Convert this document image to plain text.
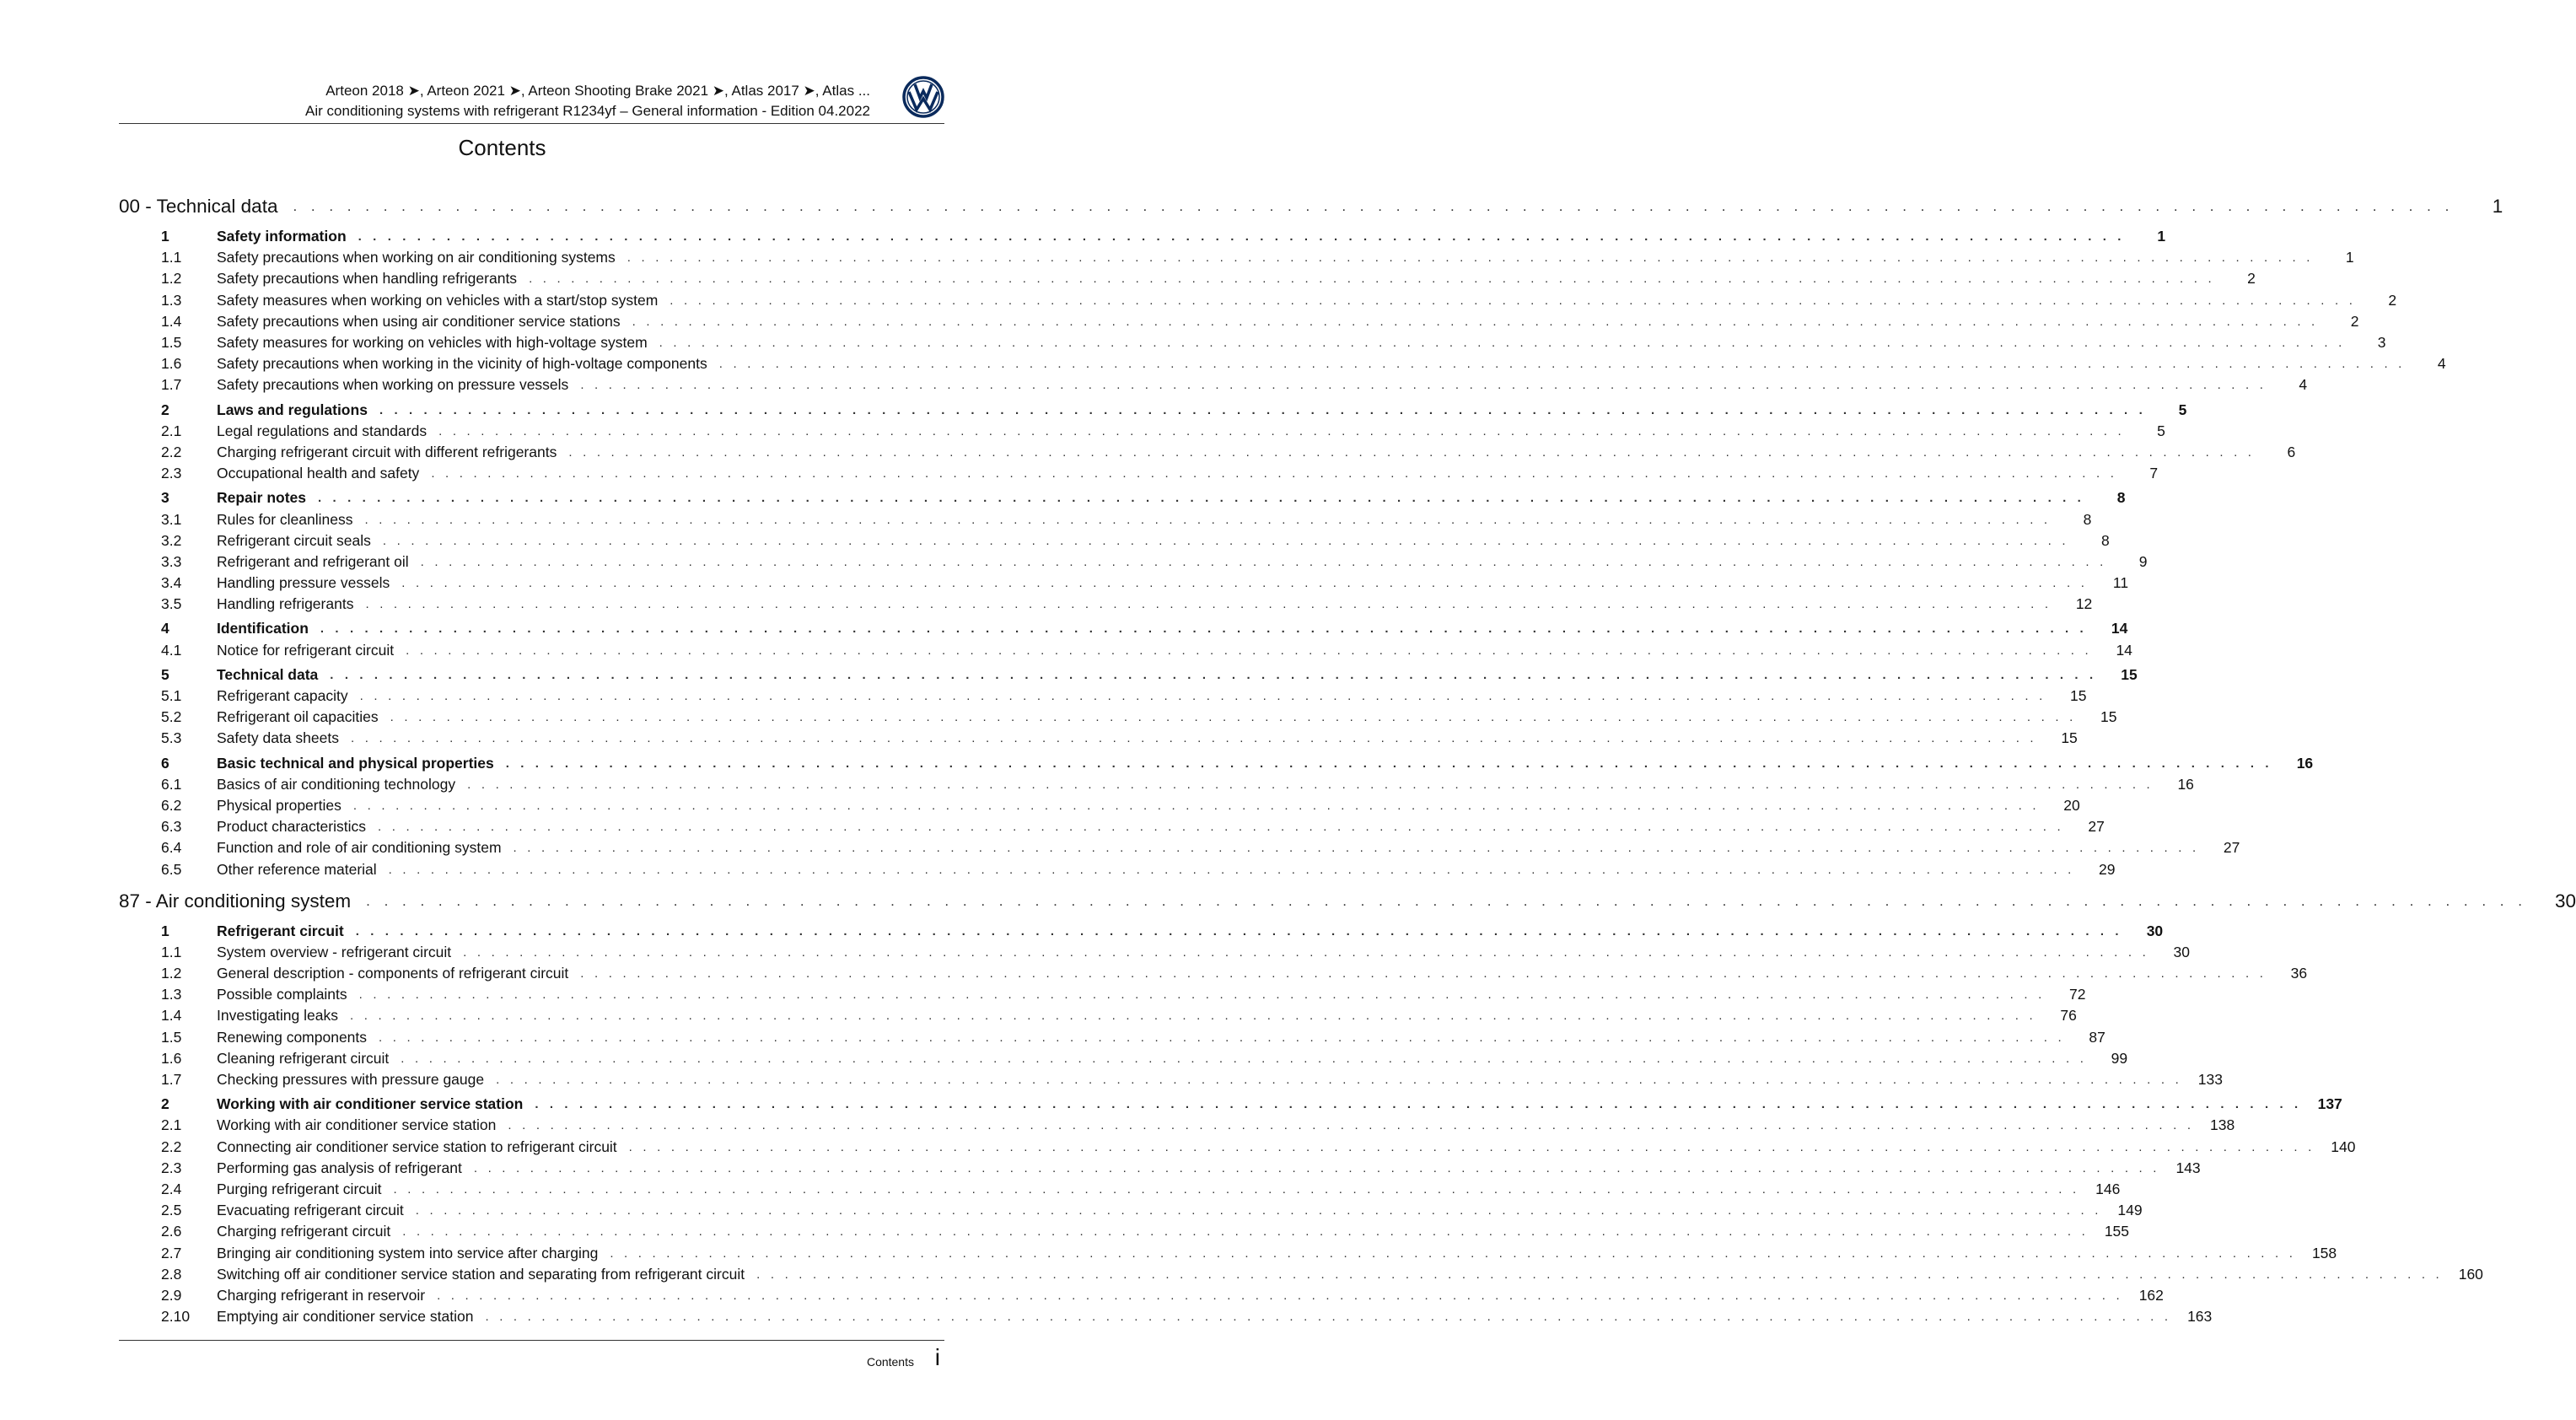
Arteon 2018 ➤, Arteon 2021 ➤, Arteon Shooting Brake 2021 ➤, Atlas 2017 ➤, Atlas ...
Air conditioning systems with refrigerant R1234yf – General information - Edition 04.2022
Contents
00 - Technical data . . . . . . . . . . . . . . . . . . . . . . . . . . . . . . . . . . . . . . . . . . . . . . . . . . . . . . . . . . . . . . . . . . . . . . . . . . . . . . . . . . . . . . . . . . . . . . . . . . . . . . . . . . . . . . . . . . . . . . . .	1
1	Safety information . . . . . . . . . . . . . . . . . . . . . . . . . . . . . . . . . . . . . . . . . . . . . . . . . . . . . . . . . . . . . . . . . . . . . . . . . . . . . . . . . . . . . . . . . . . . . . . . . . . . . . . . . . . . . . . . . . . . . . . .	1
1.1	Safety precautions when working on air conditioning systems . . . . . . . . . . . . . . . . . . . . . . . . . . . . . . . . . . . . . . . . . . . . . . . . . . . . . . . . . . . . . . . . . . . . . . . . . . . . . . . . . . . . . . . . . . . . . . . . . . . . . . . . . . . . . . . . . . . . . . . .	1
1.2	Safety precautions when handling refrigerants . . . . . . . . . . . . . . . . . . . . . . . . . . . . . . . . . . . . . . . . . . . . . . . . . . . . . . . . . . . . . . . . . . . . . . . . . . . . . . . . . . . . . . . . . . . . . . . . . . . . . . . . . . . . . . . . . . . . . . . .	2
1.3	Safety measures when working on vehicles with a start/stop system . . . . . . . . . . . . . . . . . . . . . . . . . . . . . . . . . . . . . . . . . . . . . . . . . . . . . . . . . . . . . . . . . . . . . . . . . . . . . . . . . . . . . . . . . . . . . . . . . . . . . . . . . . . . . . . . . . . . . . . .	2
1.4	Safety precautions when using air conditioner service stations . . . . . . . . . . . . . . . . . . . . . . . . . . . . . . . . . . . . . . . . . . . . . . . . . . . . . . . . . . . . . . . . . . . . . . . . . . . . . . . . . . . . . . . . . . . . . . . . . . . . . . . . . . . . . . . . . . . . . . . .	2
1.5	Safety measures for working on vehicles with high-voltage system . . . . . . . . . . . . . . . . . . . . . . . . . . . . . . . . . . . . . . . . . . . . . . . . . . . . . . . . . . . . . . . . . . . . . . . . . . . . . . . . . . . . . . . . . . . . . . . . . . . . . . . . . . . . . . . . . . . . . . . .	3
1.6	Safety precautions when working in the vicinity of high-voltage components . . . . . . . . . . . . . . . . . . . . . . . . . . . . . . . . . . . . . . . . . . . . . . . . . . . . . . . . . . . . . . . . . . . . . . . . . . . . . . . . . . . . . . . . . . . . . . . . . . . . . . . . . . . . . . . . . . . . . . . .	4
1.7	Safety precautions when working on pressure vessels . . . . . . . . . . . . . . . . . . . . . . . . . . . . . . . . . . . . . . . . . . . . . . . . . . . . . . . . . . . . . . . . . . . . . . . . . . . . . . . . . . . . . . . . . . . . . . . . . . . . . . . . . . . . . . . . . . . . . . . .	4
2	Laws and regulations . . . . . . . . . . . . . . . . . . . . . . . . . . . . . . . . . . . . . . . . . . . . . . . . . . . . . . . . . . . . . . . . . . . . . . . . . . . . . . . . . . . . . . . . . . . . . . . . . . . . . . . . . . . . . . . . . . . . . . . .	5
2.1	Legal regulations and standards . . . . . . . . . . . . . . . . . . . . . . . . . . . . . . . . . . . . . . . . . . . . . . . . . . . . . . . . . . . . . . . . . . . . . . . . . . . . . . . . . . . . . . . . . . . . . . . . . . . . . . . . . . . . . . . . . . . . . . . .	5
2.2	Charging refrigerant circuit with different refrigerants . . . . . . . . . . . . . . . . . . . . . . . . . . . . . . . . . . . . . . . . . . . . . . . . . . . . . . . . . . . . . . . . . . . . . . . . . . . . . . . . . . . . . . . . . . . . . . . . . . . . . . . . . . . . . . . . . . . . . . . .	6
2.3	Occupational health and safety . . . . . . . . . . . . . . . . . . . . . . . . . . . . . . . . . . . . . . . . . . . . . . . . . . . . . . . . . . . . . . . . . . . . . . . . . . . . . . . . . . . . . . . . . . . . . . . . . . . . . . . . . . . . . . . . . . . . . . . .	7
3	Repair notes . . . . . . . . . . . . . . . . . . . . . . . . . . . . . . . . . . . . . . . . . . . . . . . . . . . . . . . . . . . . . . . . . . . . . . . . . . . . . . . . . . . . . . . . . . . . . . . . . . . . . . . . . . . . . . . . . . . . . . . .	8
3.1	Rules for cleanliness . . . . . . . . . . . . . . . . . . . . . . . . . . . . . . . . . . . . . . . . . . . . . . . . . . . . . . . . . . . . . . . . . . . . . . . . . . . . . . . . . . . . . . . . . . . . . . . . . . . . . . . . . . . . . . . . . . . . . . . .	8
3.2	Refrigerant circuit seals . . . . . . . . . . . . . . . . . . . . . . . . . . . . . . . . . . . . . . . . . . . . . . . . . . . . . . . . . . . . . . . . . . . . . . . . . . . . . . . . . . . . . . . . . . . . . . . . . . . . . . . . . . . . . . . . . . . . . . . .	8
3.3	Refrigerant and refrigerant oil . . . . . . . . . . . . . . . . . . . . . . . . . . . . . . . . . . . . . . . . . . . . . . . . . . . . . . . . . . . . . . . . . . . . . . . . . . . . . . . . . . . . . . . . . . . . . . . . . . . . . . . . . . . . . . . . . . . . . . . .	9
3.4	Handling pressure vessels . . . . . . . . . . . . . . . . . . . . . . . . . . . . . . . . . . . . . . . . . . . . . . . . . . . . . . . . . . . . . . . . . . . . . . . . . . . . . . . . . . . . . . . . . . . . . . . . . . . . . . . . . . . . . . . . . . . . . . . .	11
3.5	Handling refrigerants . . . . . . . . . . . . . . . . . . . . . . . . . . . . . . . . . . . . . . . . . . . . . . . . . . . . . . . . . . . . . . . . . . . . . . . . . . . . . . . . . . . . . . . . . . . . . . . . . . . . . . . . . . . . . . . . . . . . . . . .	12
4	Identification . . . . . . . . . . . . . . . . . . . . . . . . . . . . . . . . . . . . . . . . . . . . . . . . . . . . . . . . . . . . . . . . . . . . . . . . . . . . . . . . . . . . . . . . . . . . . . . . . . . . . . . . . . . . . . . . . . . . . . . .	14
4.1	Notice for refrigerant circuit . . . . . . . . . . . . . . . . . . . . . . . . . . . . . . . . . . . . . . . . . . . . . . . . . . . . . . . . . . . . . . . . . . . . . . . . . . . . . . . . . . . . . . . . . . . . . . . . . . . . . . . . . . . . . . . . . . . . . . . .	14
5	Technical data . . . . . . . . . . . . . . . . . . . . . . . . . . . . . . . . . . . . . . . . . . . . . . . . . . . . . . . . . . . . . . . . . . . . . . . . . . . . . . . . . . . . . . . . . . . . . . . . . . . . . . . . . . . . . . . . . . . . . . . .	15
5.1	Refrigerant capacity . . . . . . . . . . . . . . . . . . . . . . . . . . . . . . . . . . . . . . . . . . . . . . . . . . . . . . . . . . . . . . . . . . . . . . . . . . . . . . . . . . . . . . . . . . . . . . . . . . . . . . . . . . . . . . . . . . . . . . . .	15
5.2	Refrigerant oil capacities . . . . . . . . . . . . . . . . . . . . . . . . . . . . . . . . . . . . . . . . . . . . . . . . . . . . . . . . . . . . . . . . . . . . . . . . . . . . . . . . . . . . . . . . . . . . . . . . . . . . . . . . . . . . . . . . . . . . . . . .	15
5.3	Safety data sheets . . . . . . . . . . . . . . . . . . . . . . . . . . . . . . . . . . . . . . . . . . . . . . . . . . . . . . . . . . . . . . . . . . . . . . . . . . . . . . . . . . . . . . . . . . . . . . . . . . . . . . . . . . . . . . . . . . . . . . . .	15
6	Basic technical and physical properties . . . . . . . . . . . . . . . . . . . . . . . . . . . . . . . . . . . . . . . . . . . . . . . . . . . . . . . . . . . . . . . . . . . . . . . . . . . . . . . . . . . . . . . . . . . . . . . . . . . . . . . . . . . . . . . . . . . . . . . .	16
6.1	Basics of air conditioning technology . . . . . . . . . . . . . . . . . . . . . . . . . . . . . . . . . . . . . . . . . . . . . . . . . . . . . . . . . . . . . . . . . . . . . . . . . . . . . . . . . . . . . . . . . . . . . . . . . . . . . . . . . . . . . . . . . . . . . . . .	16
6.2	Physical properties . . . . . . . . . . . . . . . . . . . . . . . . . . . . . . . . . . . . . . . . . . . . . . . . . . . . . . . . . . . . . . . . . . . . . . . . . . . . . . . . . . . . . . . . . . . . . . . . . . . . . . . . . . . . . . . . . . . . . . . .	20
6.3	Product characteristics . . . . . . . . . . . . . . . . . . . . . . . . . . . . . . . . . . . . . . . . . . . . . . . . . . . . . . . . . . . . . . . . . . . . . . . . . . . . . . . . . . . . . . . . . . . . . . . . . . . . . . . . . . . . . . . . . . . . . . . .	27
6.4	Function and role of air conditioning system . . . . . . . . . . . . . . . . . . . . . . . . . . . . . . . . . . . . . . . . . . . . . . . . . . . . . . . . . . . . . . . . . . . . . . . . . . . . . . . . . . . . . . . . . . . . . . . . . . . . . . . . . . . . . . . . . . . . . . . .	27
6.5	Other reference material . . . . . . . . . . . . . . . . . . . . . . . . . . . . . . . . . . . . . . . . . . . . . . . . . . . . . . . . . . . . . . . . . . . . . . . . . . . . . . . . . . . . . . . . . . . . . . . . . . . . . . . . . . . . . . . . . . . . . . . .	29
87 - Air conditioning system . . . . . . . . . . . . . . . . . . . . . . . . . . . . . . . . . . . . . . . . . . . . . . . . . . . . . . . . . . . . . . . . . . . . . . . . . . . . . . . . . . . . . . . . . . . . . . . . . . . . . . . . . . . . . . . . . . . . . . . .	30
1	Refrigerant circuit . . . . . . . . . . . . . . . . . . . . . . . . . . . . . . . . . . . . . . . . . . . . . . . . . . . . . . . . . . . . . . . . . . . . . . . . . . . . . . . . . . . . . . . . . . . . . . . . . . . . . . . . . . . . . . . . . . . . . . . .	30
1.1	System overview - refrigerant circuit . . . . . . . . . . . . . . . . . . . . . . . . . . . . . . . . . . . . . . . . . . . . . . . . . . . . . . . . . . . . . . . . . . . . . . . . . . . . . . . . . . . . . . . . . . . . . . . . . . . . . . . . . . . . . . . . . . . . . . . .	30
1.2	General description - components of refrigerant circuit . . . . . . . . . . . . . . . . . . . . . . . . . . . . . . . . . . . . . . . . . . . . . . . . . . . . . . . . . . . . . . . . . . . . . . . . . . . . . . . . . . . . . . . . . . . . . . . . . . . . . . . . . . . . . . . . . . . . . . . .	36
1.3	Possible complaints . . . . . . . . . . . . . . . . . . . . . . . . . . . . . . . . . . . . . . . . . . . . . . . . . . . . . . . . . . . . . . . . . . . . . . . . . . . . . . . . . . . . . . . . . . . . . . . . . . . . . . . . . . . . . . . . . . . . . . . .	72
1.4	Investigating leaks . . . . . . . . . . . . . . . . . . . . . . . . . . . . . . . . . . . . . . . . . . . . . . . . . . . . . . . . . . . . . . . . . . . . . . . . . . . . . . . . . . . . . . . . . . . . . . . . . . . . . . . . . . . . . . . . . . . . . . . .	76
1.5	Renewing components . . . . . . . . . . . . . . . . . . . . . . . . . . . . . . . . . . . . . . . . . . . . . . . . . . . . . . . . . . . . . . . . . . . . . . . . . . . . . . . . . . . . . . . . . . . . . . . . . . . . . . . . . . . . . . . . . . . . . . . .	87
1.6	Cleaning refrigerant circuit . . . . . . . . . . . . . . . . . . . . . . . . . . . . . . . . . . . . . . . . . . . . . . . . . . . . . . . . . . . . . . . . . . . . . . . . . . . . . . . . . . . . . . . . . . . . . . . . . . . . . . . . . . . . . . . . . . . . . . . .	99
1.7	Checking pressures with pressure gauge . . . . . . . . . . . . . . . . . . . . . . . . . . . . . . . . . . . . . . . . . . . . . . . . . . . . . . . . . . . . . . . . . . . . . . . . . . . . . . . . . . . . . . . . . . . . . . . . . . . . . . . . . . . . . . . . . . . . . . . . 133
2	Working with air conditioner service station . . . . . . . . . . . . . . . . . . . . . . . . . . . . . . . . . . . . . . . . . . . . . . . . . . . . . . . . . . . . . . . . . . . . . . . . . . . . . . . . . . . . . . . . . . . . . . . . . . . . . . . . . . . . . . . . . . . . . . . . 137
2.1	Working with air conditioner service station . . . . . . . . . . . . . . . . . . . . . . . . . . . . . . . . . . . . . . . . . . . . . . . . . . . . . . . . . . . . . . . . . . . . . . . . . . . . . . . . . . . . . . . . . . . . . . . . . . . . . . . . . . . . . . . . . . . . . . . . 138
2.2	Connecting air conditioner service station to refrigerant circuit . . . . . . . . . . . . . . . . . . . . . . . . . . . . . . . . . . . . . . . . . . . . . . . . . . . . . . . . . . . . . . . . . . . . . . . . . . . . . . . . . . . . . . . . . . . . . . . . . . . . . . . . . . . . . . . . . . . . . . . . 140
2.3	Performing gas analysis of refrigerant . . . . . . . . . . . . . . . . . . . . . . . . . . . . . . . . . . . . . . . . . . . . . . . . . . . . . . . . . . . . . . . . . . . . . . . . . . . . . . . . . . . . . . . . . . . . . . . . . . . . . . . . . . . . . . . . . . . . . . . . 143
2.4	Purging refrigerant circuit . . . . . . . . . . . . . . . . . . . . . . . . . . . . . . . . . . . . . . . . . . . . . . . . . . . . . . . . . . . . . . . . . . . . . . . . . . . . . . . . . . . . . . . . . . . . . . . . . . . . . . . . . . . . . . . . . . . . . . . . 146
2.5	Evacuating refrigerant circuit . . . . . . . . . . . . . . . . . . . . . . . . . . . . . . . . . . . . . . . . . . . . . . . . . . . . . . . . . . . . . . . . . . . . . . . . . . . . . . . . . . . . . . . . . . . . . . . . . . . . . . . . . . . . . . . . . . . . . . . . 149
2.6	Charging refrigerant circuit . . . . . . . . . . . . . . . . . . . . . . . . . . . . . . . . . . . . . . . . . . . . . . . . . . . . . . . . . . . . . . . . . . . . . . . . . . . . . . . . . . . . . . . . . . . . . . . . . . . . . . . . . . . . . . . . . . . . . . . . 155
2.7	Bringing air conditioning system into service after charging . . . . . . . . . . . . . . . . . . . . . . . . . . . . . . . . . . . . . . . . . . . . . . . . . . . . . . . . . . . . . . . . . . . . . . . . . . . . . . . . . . . . . . . . . . . . . . . . . . . . . . . . . . . . . . . . . . . . . . . . 158
2.8	Switching off air conditioner service station and separating from refrigerant circuit . . . . . . . . . . . . . . . . . . . . . . . . . . . . . . . . . . . . . . . . . . . . . . . . . . . . . . . . . . . . . . . . . . . . . . . . . . . . . . . . . . . . . . . . . . . . . . . . . . . . . . . . . . . . . . . . . . . . . . . . 160
2.9	Charging refrigerant in reservoir . . . . . . . . . . . . . . . . . . . . . . . . . . . . . . . . . . . . . . . . . . . . . . . . . . . . . . . . . . . . . . . . . . . . . . . . . . . . . . . . . . . . . . . . . . . . . . . . . . . . . . . . . . . . . . . . . . . . . . . . 162
2.10	Emptying air conditioner service station . . . . . . . . . . . . . . . . . . . . . . . . . . . . . . . . . . . . . . . . . . . . . . . . . . . . . . . . . . . . . . . . . . . . . . . . . . . . . . . . . . . . . . . . . . . . . . . . . . . . . . . . . . . . . . . . . . . . . . . . 163
Contents i
